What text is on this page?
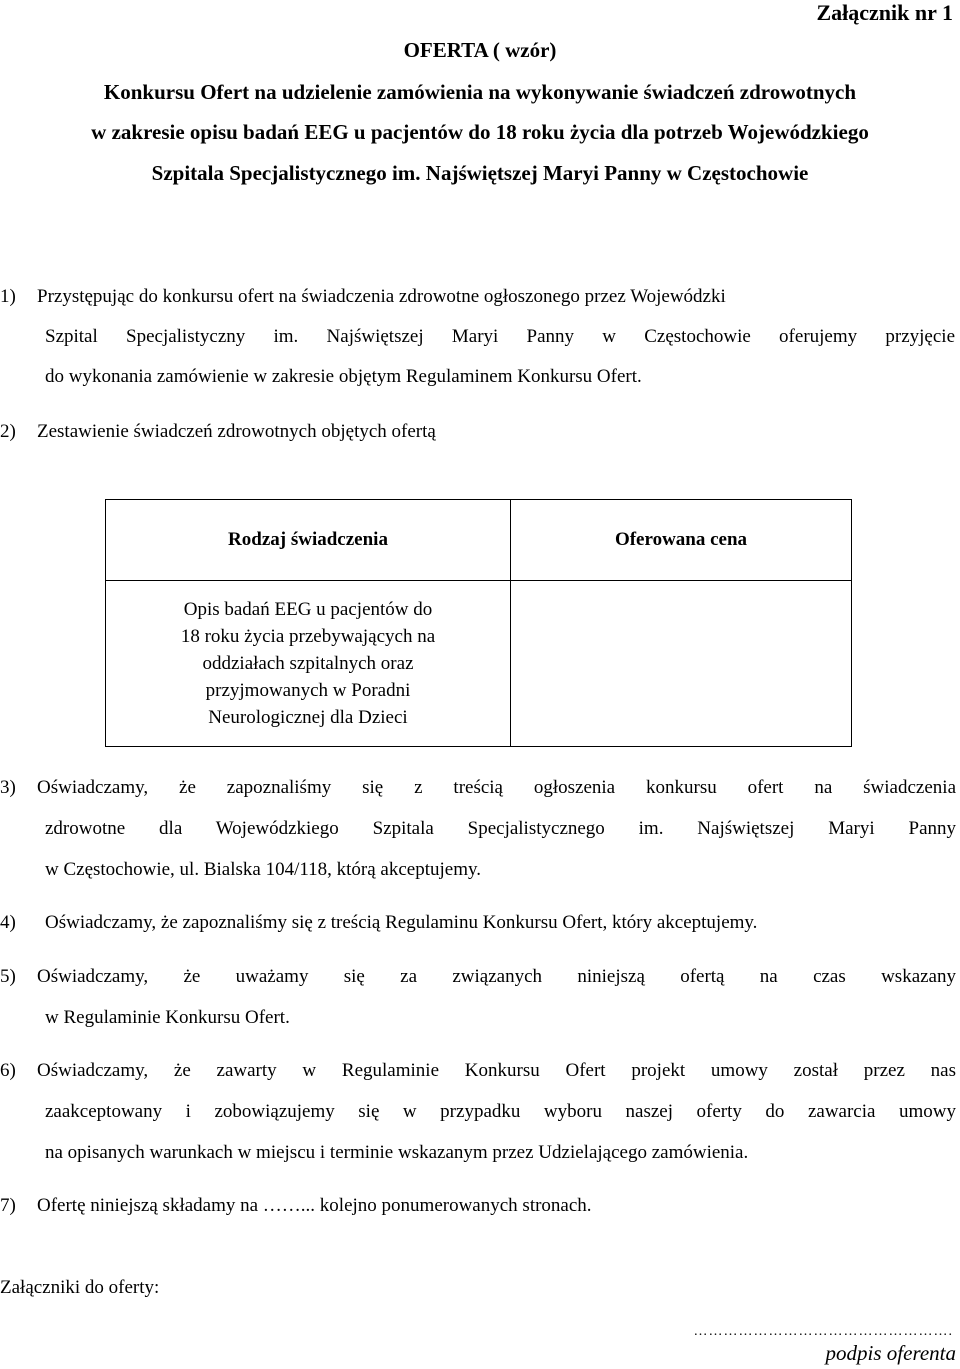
Załącznik nr 1
OFERTA ( wzór)
Konkursu Ofert na udzielenie zamówienia na wykonywanie świadczeń zdrowotnych
w zakresie opisu badań EEG u pacjentów do 18 roku życia dla potrzeb Wojewódzkiego
Szpitala Specjalistycznego im. Najświętszej Maryi Panny w Częstochowie
1) Przystępując do konkursu ofert na świadczenia zdrowotne ogłoszonego przez Wojewódzki
Szpital Specjalistyczny im. Najświętszej Maryi Panny w Częstochowie oferujemy przyjęcie
do wykonania zamówienie w zakresie objętym Regulaminem Konkursu Ofert.
2) Zestawienie świadczeń zdrowotnych objętych ofertą
Rodzaj świadczenia	Oferowana cena

Opis badań EEG u pacjentów do
18 roku życia przebywających na
oddziałach szpitalnych oraz
przyjmowanych w Poradni
Neurologicznej dla Dzieci	

3) Oświadczamy, że zapoznaliśmy się z treścią ogłoszenia konkursu ofert na świadczenia
zdrowotne dla Wojewódzkiego Szpitala Specjalistycznego im. Najświętszej Maryi Panny
w Częstochowie, ul. Bialska 104/118, którą akceptujemy.
4) Oświadczamy, że zapoznaliśmy się z treścią Regulaminu Konkursu Ofert, który akceptujemy.
5) Oświadczamy, że uważamy się za związanych niniejszą ofertą na czas wskazany
w Regulaminie Konkursu Ofert.
6) Oświadczamy, że zawarty w Regulaminie Konkursu Ofert projekt umowy został przez nas
zaakceptowany i zobowiązujemy się w przypadku wyboru naszej oferty do zawarcia umowy
na opisanych warunkach w miejscu i terminie wskazanym przez Udzielającego zamówienia.
7) Ofertę niniejszą składamy na ……... kolejno ponumerowanych stronach.
Załączniki do oferty:
…………………………………………….
podpis oferenta
